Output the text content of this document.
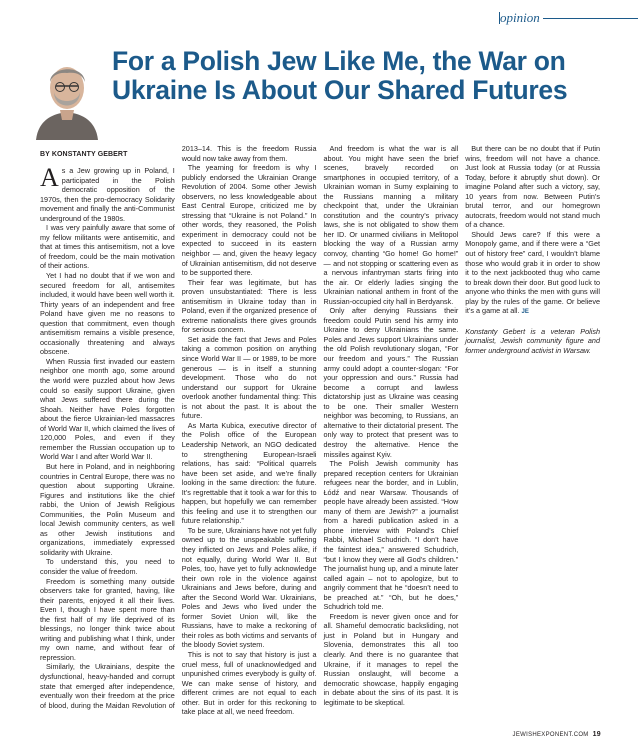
opinion
For a Polish Jew Like Me, the War on Ukraine Is About Our Shared Futures
BY KONSTANTY GEBERT

As a Jew growing up in Poland, I participated in the Polish democratic opposition of the 1970s, then the pro-democracy Solidarity movement and finally the anti-Communist underground of the 1980s.

I was very painfully aware that some of my fellow militants were antisemitic, and that at times this antisemitism, not a love of freedom, could be the main motivation of their actions.

Yet I had no doubt that if we won and secured freedom for all, antisemites included, it would have been well worth it. Thirty years of an independent and free Poland have given me no reasons to question that commitment, even though antisemitism remains a visible presence, occasionally threatening and always obscene.

When Russia first invaded our eastern neighbor one month ago, some around the world were puzzled about how Jews could so easily support Ukraine, given what Jews suffered there during the Shoah. Neither have Poles forgotten about the fierce Ukrainian-led massacres of World War II, which claimed the lives of 120,000 Poles, and even if they remember the Russian occupation up to World War I and after World War II.

But here in Poland, and in neighboring countries in Central Europe, there was no question about supporting Ukraine. Figures and institutions like the chief rabbi, the Union of Jewish Religious Communities, the Polin Museum and local Jewish community centers, as well as other Jewish institutions and organizations, immediately expressed solidarity with Ukraine.

To understand this, you need to consider the value of freedom.

Freedom is something many outside observers take for granted, having, like their parents, enjoyed it all their lives. Even I, though I have spent more than the first half of my life deprived of its blessings, no longer think twice about writing and publishing what I think, under my own name, and without fear of repression.

Similarly, the Ukrainians, despite the dysfunctional, heavy-handed and corrupt state that emerged after independence, eventually won their freedom at the price of blood, during the Maidan Revolution of 2013–14. This is the freedom Russia would now take away from them.

The yearning for freedom is why I publicly endorsed the Ukrainian Orange Revolution of 2004. Some other Jewish observers, no less knowledgeable about East Central Europe, criticized me by stressing that “Ukraine is not Poland.” In other words, they reasoned, the Polish experiment in democracy could not be expected to succeed in its eastern neighbor — and, given the heavy legacy of Ukrainian antisemitism, did not deserve to be supported there.

Their fear was legitimate, but has proven unsubstantiated: There is less antisemitism in Ukraine today than in Poland, even if the organized presence of extreme nationalists there gives grounds for serious concern.

Set aside the fact that Jews and Poles taking a common position on anything since World War II — or 1989, to be more generous — is in itself a stunning development. Those who do not understand our support for Ukraine overlook another fundamental thing: This is not about the past. It is about the future.

As Marta Kubica, executive director of the Polish office of the European Leadership Network, an NGO dedicated to strengthening European-Israeli relations, has said: “Political quarrels have been set aside, and we’re finally looking in the same direction: the future. It’s regrettable that it took a war for this to happen, but hopefully we can remember this feeling and use it to strengthen our future relationship.”

To be sure, Ukrainians have not yet fully owned up to the unspeakable suffering they inflicted on Jews and Poles alike, if not equally, during World War II. But Poles, too, have yet to fully acknowledge their own role in the violence against Ukrainians and Jews before, during and after the Second World War. Ukrainians, Poles and Jews who lived under the former Soviet Union will, like the Russians, have to make a reckoning of their roles as both victims and servants of the bloody Soviet system.

This is not to say that history is just a cruel mess, full of unacknowledged and unpunished crimes everybody is guilty of. We can make sense of history, and different crimes are not equal to each other. But in order for this reckoning to take place at all, we need freedom.

And freedom is what the war is all about. You might have seen the brief scenes, bravely recorded on smartphones in occupied territory, of a Ukrainian woman in Sumy explaining to the Russians manning a military checkpoint that, under the Ukrainian constitution and the country’s privacy laws, she is not obligated to show them her ID. Or unarmed civilians in Melitopol blocking the way of a Russian army convoy, chanting “Go home! Go home!” — and not stopping or scattering even as a nervous infantryman starts firing into the air. Or elderly ladies singing the Ukrainian national anthem in front of the Russian-occupied city hall in Berdyansk.

Only after denying Russians their freedom could Putin send his army into Ukraine to deny Ukrainians the same. Poles and Jews support Ukrainians under the old Polish revolutionary slogan, “For our freedom and yours.” The Russian army could adopt a counter-slogan: “For your oppression and ours.” Russia had become a corrupt and lawless dictatorship just as Ukraine was ceasing to be one. Their smaller Western neighbor was becoming, to Russians, an alternative to their dictatorial present. The only way to protect that present was to destroy the alternative. Hence the missiles against Kyiv.

The Polish Jewish community has prepared reception centers for Ukrainian refugees near the border, and in Lublin, Łódź and near Warsaw. Thousands of people have already been assisted. “How many of them are Jewish?” a journalist from a haredi publication asked in a phone interview with Poland’s Chief Rabbi, Michael Schudrich. “I don’t have the faintest idea,” answered Schudrich, “but I know they were all God’s children.” The journalist hung up, and a minute later called again – not to apologize, but to angrily comment that he “doesn’t need to be preached at.” “Oh, but he does,” Schudrich told me.

Freedom is never given once and for all. Shameful democratic backsliding, not just in Poland but in Hungary and Slovenia, demonstrates this all too clearly. And there is no guarantee that Ukraine, if it manages to repel the Russian onslaught, will become a democratic showcase, happily engaging in debate about the sins of its past. It is legitimate to be skeptical.

But there can be no doubt that if Putin wins, freedom will not have a chance. Just look at Russia today (or at Russia Today, before it abruptly shut down). Or imagine Poland after such a victory, say, 10 years from now. Between Putin’s brutal terror, and our homegrown autocrats, freedom would not stand much of a chance.

Should Jews care? If this were a Monopoly game, and if there were a “Get out of history free” card, I wouldn’t blame those who would grab it in order to show it to the next jackbooted thug who came to break down their door. But good luck to anyone who thinks the men with guns will play by the rules of the game. Or believe it’s a game at all. JE

Konstanty Gebert is a veteran Polish journalist, Jewish community figure and former underground activist in Warsaw.

JEWISHEXPONENT.COM 19
